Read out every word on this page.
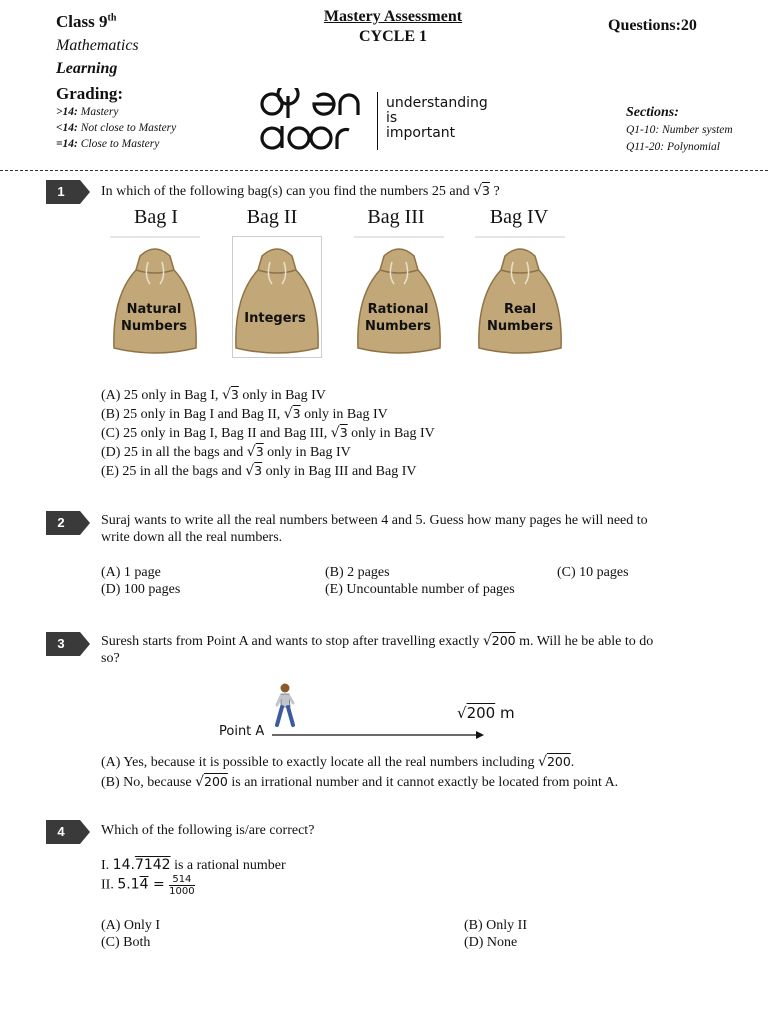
Class 9th
Mathematics
Learning
Grading:
>14: Mastery
<14: Not close to Mastery
=14: Close to Mastery
Mastery Assessment
CYCLE 1
Questions:20
understanding
is
important
Sections:
Q1-10: Number system
Q11-20: Polynomial
1	In which of the following bag(s) can you find the numbers 25 and √3 ?
Bag I	Bag II	Bag III	Bag IV
Natural
Numbers
Integers
Rational
Numbers
Real
Numbers
(A) 25 only in Bag I, √3 only in Bag IV
(B) 25 only in Bag I and Bag II, √3 only in Bag IV
(C) 25 only in Bag I, Bag II and Bag III, √3 only in Bag IV
(D) 25 in all the bags and √3 only in Bag IV
(E) 25 in all the bags and √3 only in Bag III and Bag IV
2	Suraj wants to write all the real numbers between 4 and 5. Guess how many pages he will need to
write down all the real numbers.
(A) 1 page	(B) 2 pages	(C) 10 pages
(D) 100 pages	(E) Uncountable number of pages
3	Suresh starts from Point A and wants to stop after travelling exactly √200 m. Will he be able to do
so?
Point A
√200 m
(A) Yes, because it is possible to exactly locate all the real numbers including √200.
(B) No, because √200 is an irrational number and it cannot exactly be located from point A.
4	Which of the following is/are correct?
I. 14.7142 is a rational number
II. $5.14 = \frac{514}{1000}$
(A) Only I	(B) Only II
(C) Both	(D) None
